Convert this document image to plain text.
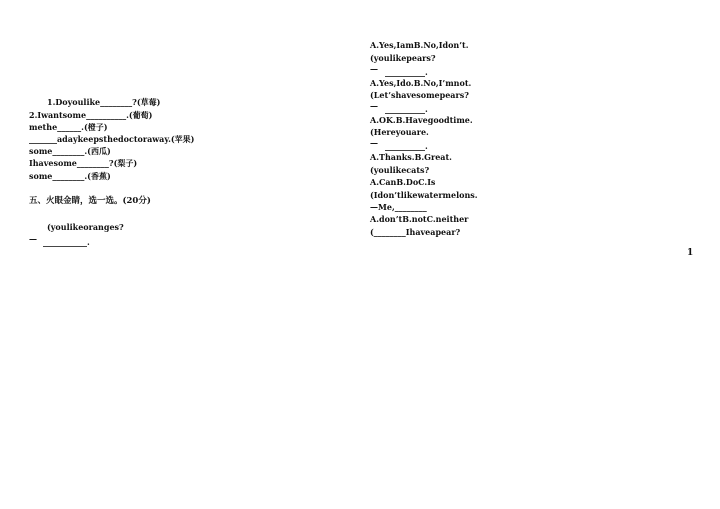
1.Doyoulike________?(草莓)
2.Iwantsome__________.(葡萄)
methe______.(橙子)
_______adaykeepsthedoctoraway.(苹果)
some________.(西瓜)
Ihavesome________?(梨子)
some________.(香蕉)
五、火眼金睛，选一选。(20分)
(youlikeoranges?
— ___________.
A.Yes,IamB.No,Idon’t.
(youlikepears?
— __________.
A.Yes,Ido.B.No,I’mnot.
(Let’shavesomepears?
— __________.
A.OK.B.Havegoodtime.
(Hereyouare.
— __________.
A.Thanks.B.Great.
(youlikecats?
A.CanB.DoC.Is
(Idon’tlikewatermelons.
—Me,________
A.don’tB.notC.neither
(________Ihaveapear?
1
